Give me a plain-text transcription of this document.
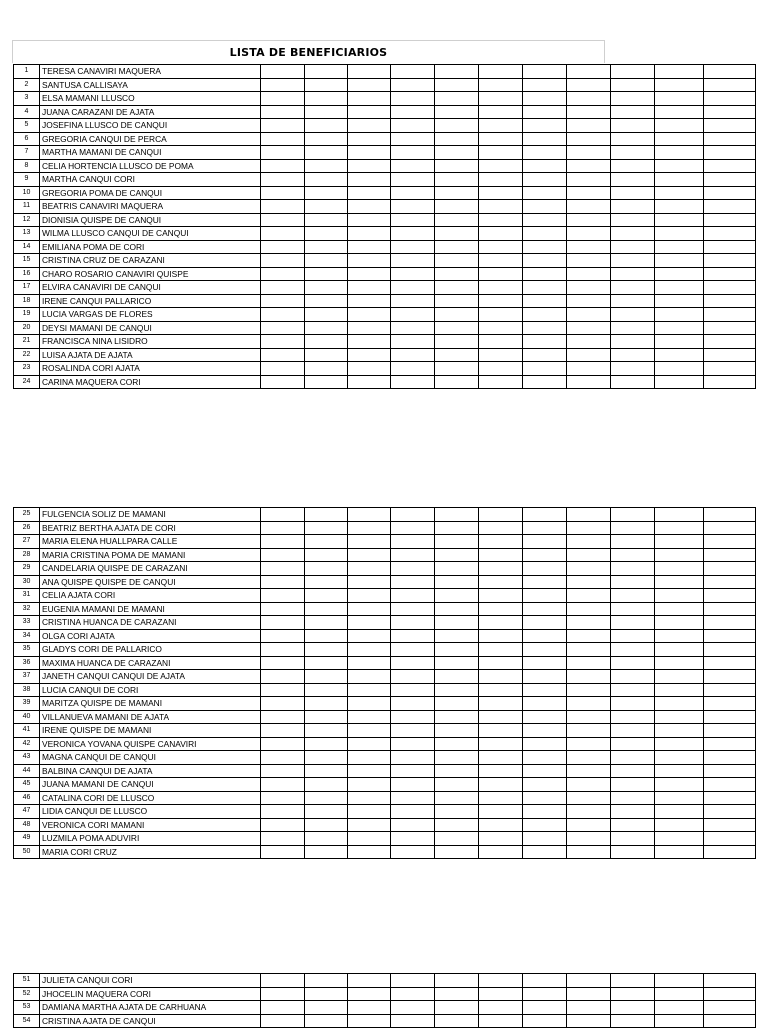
LISTA DE BENEFICIARIOS
1	TERESA CANAVIRI MAQUERA											
2	SANTUSA CALLISAYA											
3	ELSA MAMANI LLUSCO											
4	JUANA CARAZANI DE AJATA											
5	JOSEFINA LLUSCO DE CANQUI											
6	GREGORIA CANQUI DE PERCA											
7	MARTHA MAMANI DE CANQUI											
8	CELIA HORTENCIA LLUSCO DE POMA											
9	MARTHA CANQUI CORI											
10	GREGORIA POMA DE CANQUI											
11	BEATRIS CANAVIRI MAQUERA											
12	DIONISIA QUISPE DE CANQUI											
13	WILMA LLUSCO CANQUI DE CANQUI											
14	EMILIANA POMA DE CORI											
15	CRISTINA CRUZ DE CARAZANI											
16	CHARO ROSARIO CANAVIRI QUISPE											
17	ELVIRA CANAVIRI DE CANQUI											
18	IRENE CANQUI PALLARICO											
19	LUCIA VARGAS DE FLORES											
20	DEYSI MAMANI DE CANQUI											
21	FRANCISCA NINA LISIDRO											
22	LUISA AJATA DE AJATA											
23	ROSALINDA CORI AJATA											
24	CARINA MAQUERA CORI											
25	FULGENCIA SOLIZ DE MAMANI											
26	BEATRIZ BERTHA AJATA DE CORI											
27	MARIA ELENA HUALLPARA CALLE											
28	MARIA CRISTINA POMA DE MAMANI											
29	CANDELARIA QUISPE DE CARAZANI											
30	ANA QUISPE QUISPE DE CANQUI											
31	CELIA AJATA CORI											
32	EUGENIA MAMANI DE MAMANI											
33	CRISTINA HUANCA DE CARAZANI											
34	OLGA CORI AJATA											
35	GLADYS CORI DE PALLARICO											
36	MAXIMA HUANCA DE CARAZANI											
37	JANETH CANQUI CANQUI DE AJATA											
38	LUCIA CANQUI DE CORI											
39	MARITZA QUISPE DE MAMANI											
40	VILLANUEVA MAMANI DE AJATA											
41	IRENE QUISPE DE MAMANI											
42	VERONICA YOVANA QUISPE CANAVIRI											
43	MAGNA CANQUI DE CANQUI											
44	BALBINA CANQUI DE AJATA											
45	JUANA MAMANI DE CANQUI											
46	CATALINA CORI DE LLUSCO											
47	LIDIA CANQUI DE LLUSCO											
48	VERONICA CORI MAMANI											
49	LUZMILA POMA ADUVIRI											
50	MARIA CORI CRUZ											
51	JULIETA CANQUI CORI											
52	JHOCELIN MAQUERA CORI											
53	DAMIANA MARTHA AJATA DE CARHUANA											
54	CRISTINA AJATA DE CANQUI											
